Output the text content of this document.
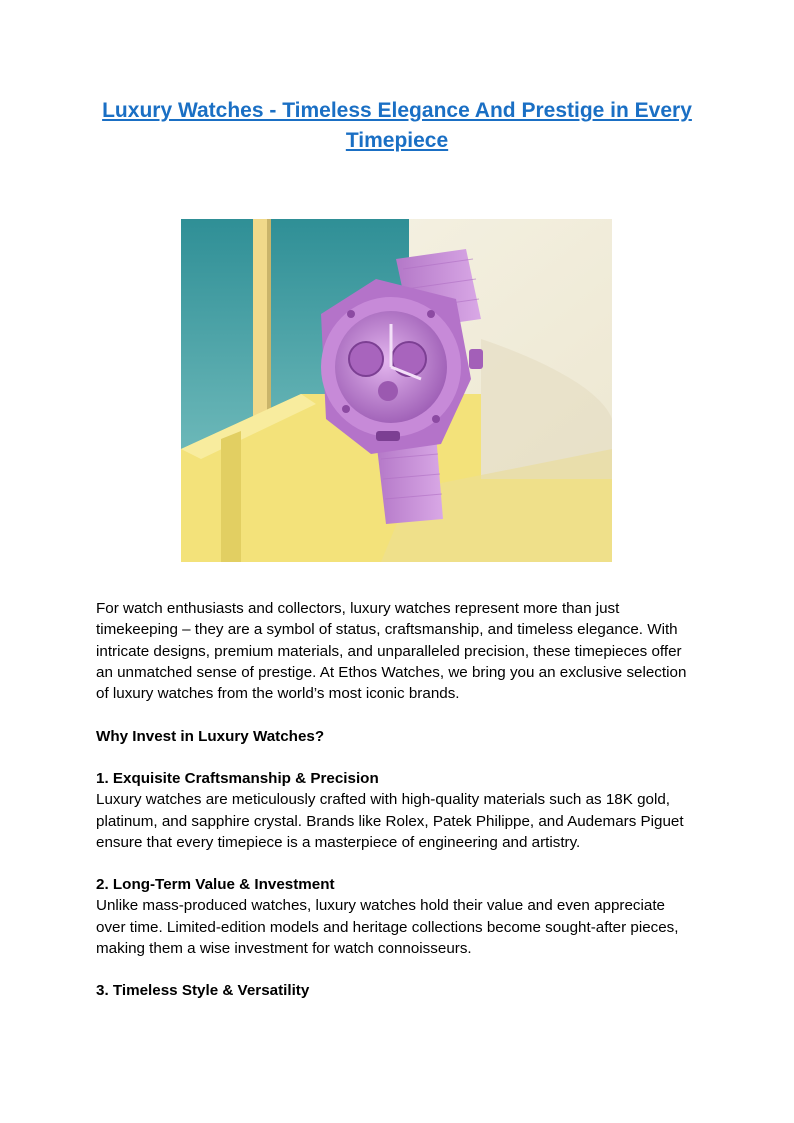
Luxury Watches - Timeless Elegance And Prestige in Every Timepiece
For watch enthusiasts and collectors, luxury watches represent more than just timekeeping – they are a symbol of status, craftsmanship, and timeless elegance. With intricate designs, premium materials, and unparalleled precision, these timepieces offer an unmatched sense of prestige. At Ethos Watches, we bring you an exclusive selection of luxury watches from the world’s most iconic brands.
Why Invest in Luxury Watches?
1. Exquisite Craftsmanship & Precision
Luxury watches are meticulously crafted with high-quality materials such as 18K gold, platinum, and sapphire crystal. Brands like Rolex, Patek Philippe, and Audemars Piguet ensure that every timepiece is a masterpiece of engineering and artistry.
2. Long-Term Value & Investment
Unlike mass-produced watches, luxury watches hold their value and even appreciate over time. Limited-edition models and heritage collections become sought-after pieces, making them a wise investment for watch connoisseurs.
3. Timeless Style & Versatility
